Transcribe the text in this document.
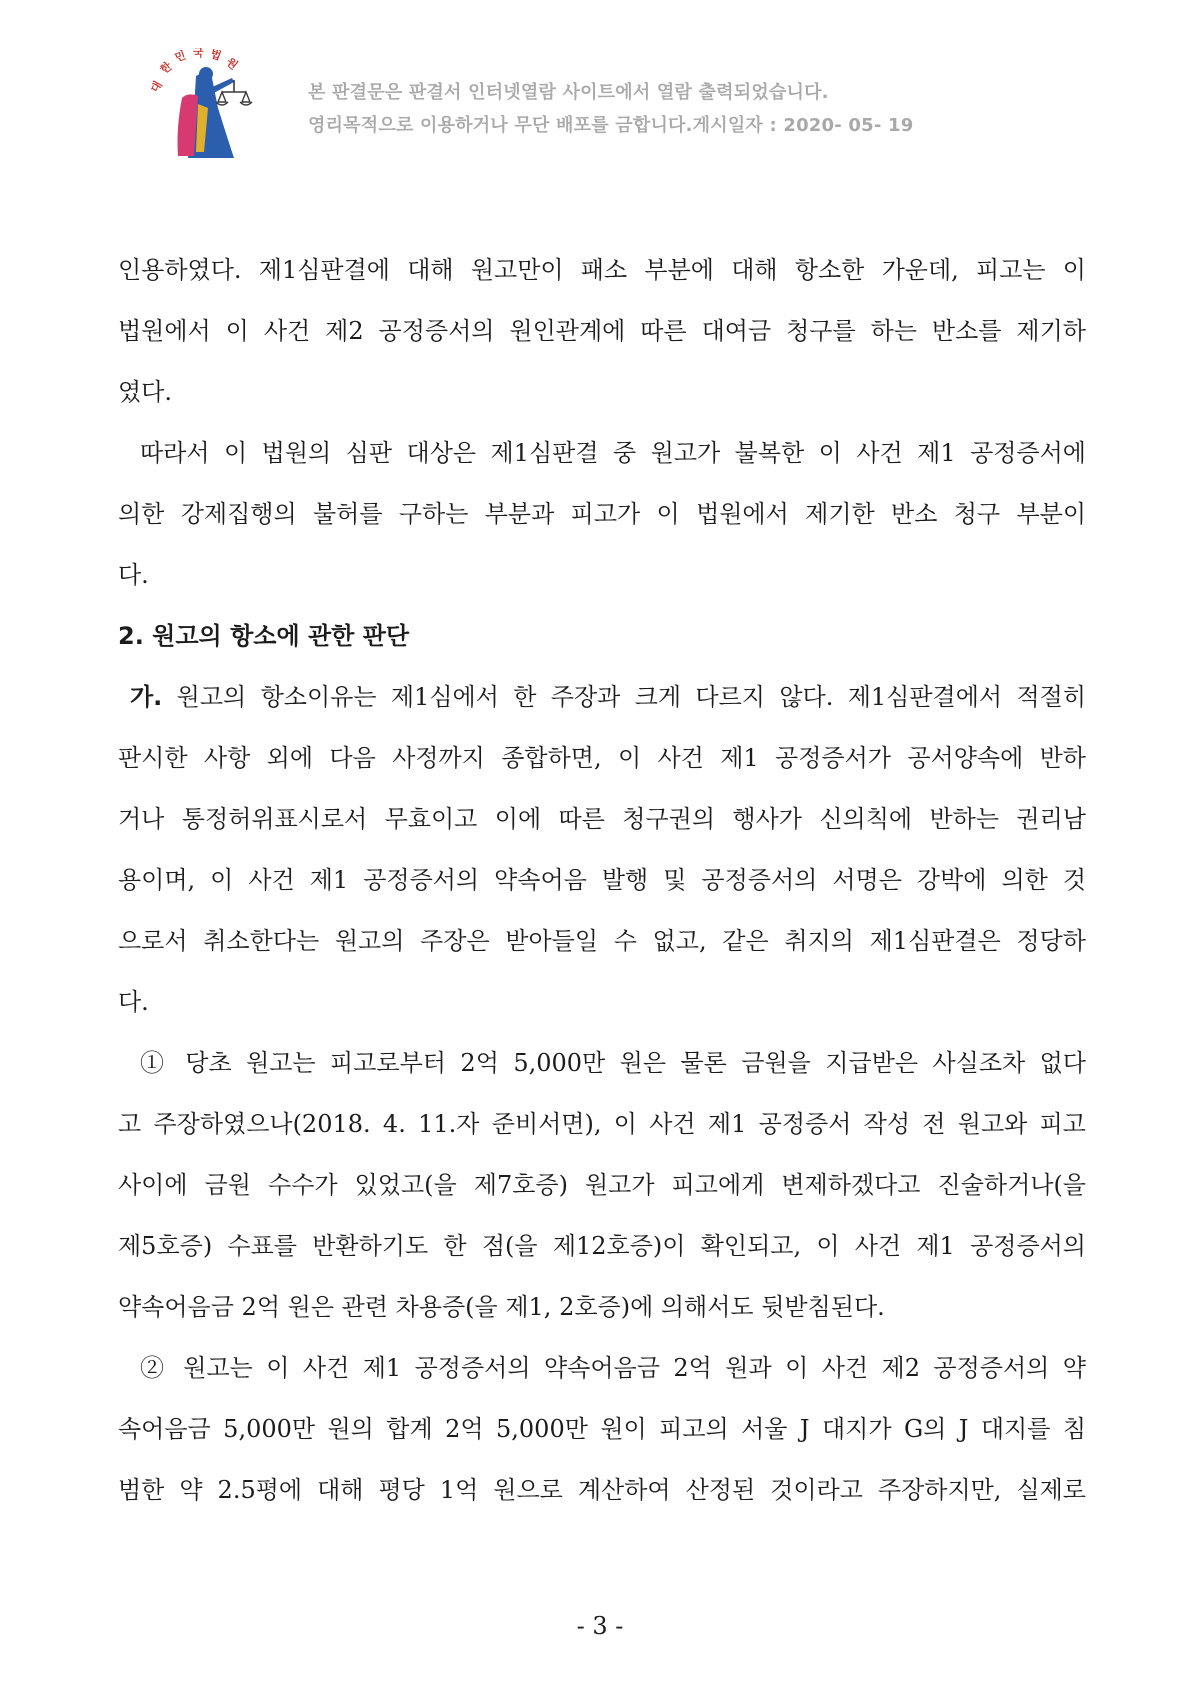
대
한
민 국 법
원
본 판결문은 판결서 인터넷열람 사이트에서 열람 출력되었습니다.
영리목적으로 이용하거나 무단 배포를 금합니다.게시일자 : 2020- 05- 19
인용하였다. 제1심판결에 대해 원고만이 패소 부분에 대해 항소한 가운데, 피고는 이
법원에서 이 사건 제2 공정증서의 원인관계에 따른 대여금 청구를 하는 반소를 제기하
였다.
따라서 이 법원의 심판 대상은 제1심판결 중 원고가 불복한 이 사건 제1 공정증서에
의한 강제집행의 불허를 구하는 부분과 피고가 이 법원에서 제기한 반소 청구 부분이
다.
2. 원고의 항소에 관한 판단
가. 원고의 항소이유는 제1심에서 한 주장과 크게 다르지 않다. 제1심판결에서 적절히
판시한 사항 외에 다음 사정까지 종합하면, 이 사건 제1 공정증서가 공서양속에 반하
거나 통정허위표시로서 무효이고 이에 따른 청구권의 행사가 신의칙에 반하는 권리남
용이며, 이 사건 제1 공정증서의 약속어음 발행 및 공정증서의 서명은 강박에 의한 것
으로서 취소한다는 원고의 주장은 받아들일 수 없고, 같은 취지의 제1심판결은 정당하
다.
① 당초 원고는 피고로부터 2억 5,000만 원은 물론 금원을 지급받은 사실조차 없다
고 주장하였으나(2018. 4. 11.자 준비서면), 이 사건 제1 공정증서 작성 전 원고와 피고
사이에 금원 수수가 있었고(을 제7호증) 원고가 피고에게 변제하겠다고 진술하거나(을
제5호증) 수표를 반환하기도 한 점(을 제12호증)이 확인되고, 이 사건 제1 공정증서의
약속어음금 2억 원은 관련 차용증(을 제1, 2호증)에 의해서도 뒷받침된다.
② 원고는 이 사건 제1 공정증서의 약속어음금 2억 원과 이 사건 제2 공정증서의 약
속어음금 5,000만 원의 합계 2억 5,000만 원이 피고의 서울 J 대지가 G의 J 대지를 침
범한 약 2.5평에 대해 평당 1억 원으로 계산하여 산정된 것이라고 주장하지만, 실제로
- 3 -
